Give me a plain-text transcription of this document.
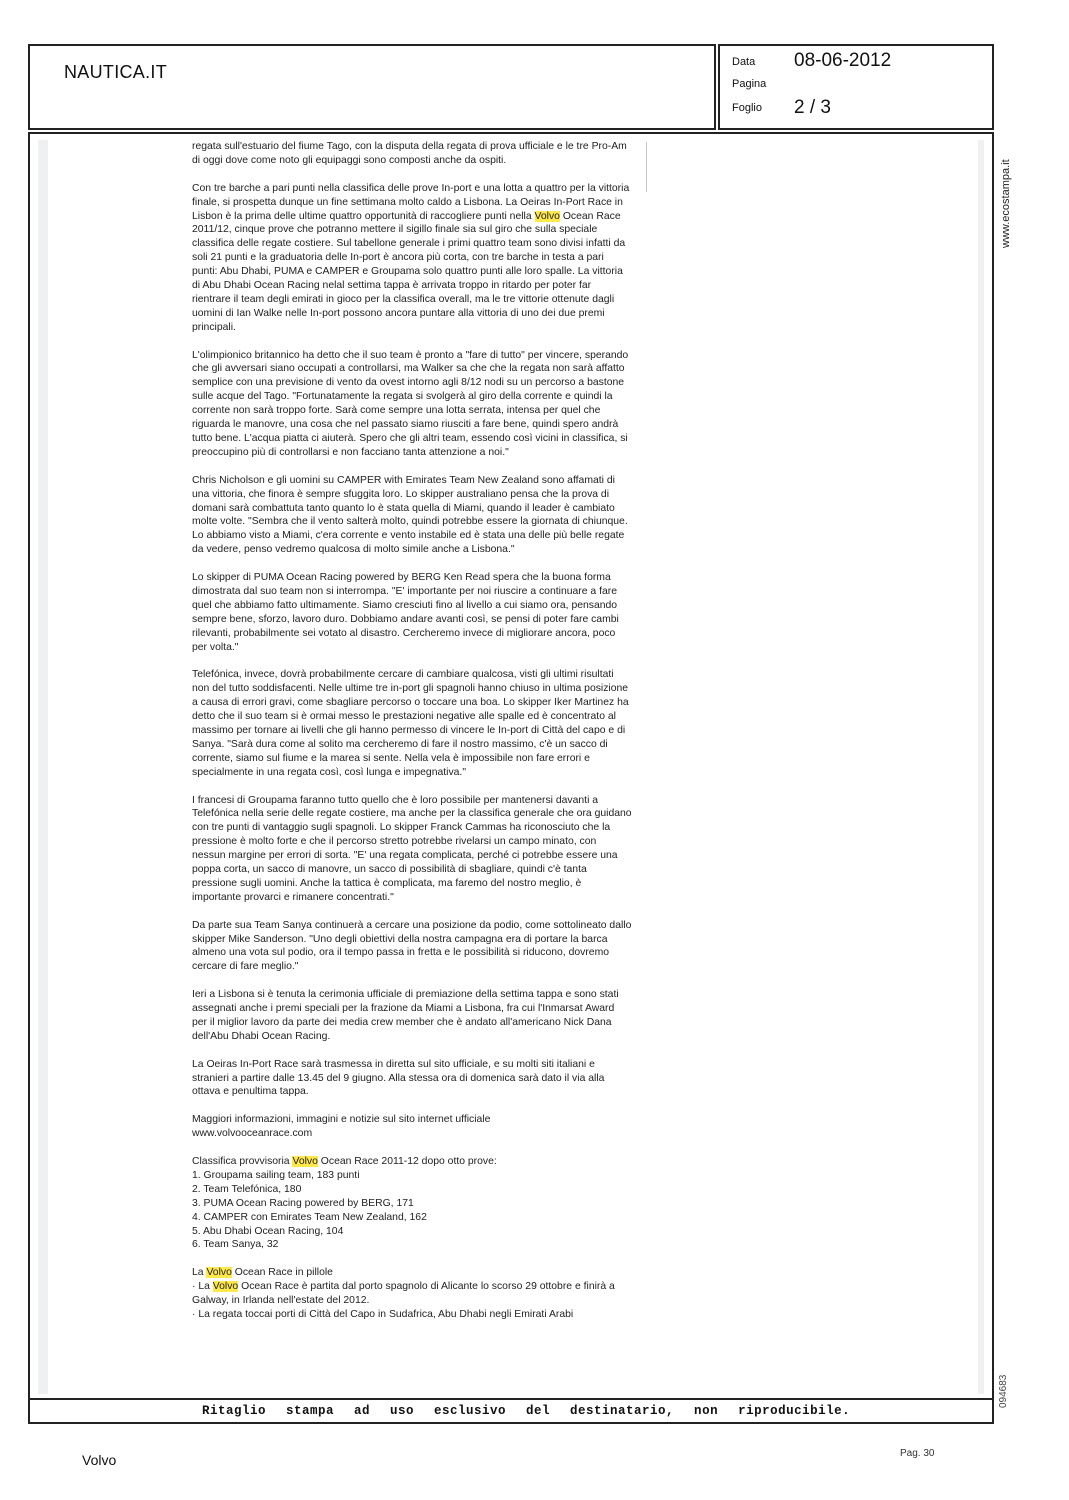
NAUTICA.IT	Data 08-06-2012
Pagina
Foglio 2 / 3

regata sull'estuario del fiume Tago, con la disputa della regata di prova ufficiale e le tre Pro-Am di oggi dove come noto gli equipaggi sono composti anche da ospiti.

Con tre barche a pari punti nella classifica delle prove In-port e una lotta a quattro per la vittoria finale, si prospetta dunque un fine settimana molto caldo a Lisbona. La Oeiras In-Port Race in Lisbon è la prima delle ultime quattro opportunità di raccogliere punti nella Volvo Ocean Race 2011/12, cinque prove che potranno mettere il sigillo finale sia sul giro che sulla speciale classifica delle regate costiere. Sul tabellone generale i primi quattro team sono divisi infatti da soli 21 punti e la graduatoria delle In-port è ancora più corta, con tre barche in testa a pari punti: Abu Dhabi, PUMA e CAMPER e Groupama solo quattro punti alle loro spalle. La vittoria di Abu Dhabi Ocean Racing nelal settima tappa è arrivata troppo in ritardo per poter far rientrare il team degli emirati in gioco per la classifica overall, ma le tre vittorie ottenute dagli uomini di Ian Walke nelle In-port possono ancora puntare alla vittoria di uno dei due premi principali.

L'olimpionico britannico ha detto che il suo team è pronto a "fare di tutto" per vincere, sperando che gli avversari siano occupati a controllarsi, ma Walker sa che che la regata non sarà affatto semplice con una previsione di vento da ovest intorno agli 8/12 nodi su un percorso a bastone sulle acque del Tago. "Fortunatamente la regata si svolgerà al giro della corrente e quindi la corrente non sarà troppo forte. Sarà come sempre una lotta serrata, intensa per quel che riguarda le manovre, una cosa che nel passato siamo riusciti a fare bene, quindi spero andrà tutto bene. L'acqua piatta ci aiuterà. Spero che gli altri team, essendo così vicini in classifica, si preoccupino più di controllarsi e non facciano tanta attenzione a noi."

Chris Nicholson e gli uomini su CAMPER with Emirates Team New Zealand sono affamati di una vittoria, che finora è sempre sfuggita loro. Lo skipper australiano pensa che la prova di domani sarà combattuta tanto quanto lo è stata quella di Miami, quando il leader è cambiato molte volte. "Sembra che il vento salterà molto, quindi potrebbe essere la giornata di chiunque. Lo abbiamo visto a Miami, c'era corrente e vento instabile ed è stata una delle più belle regate da vedere, penso vedremo qualcosa di molto simile anche a Lisbona."

Lo skipper di PUMA Ocean Racing powered by BERG Ken Read spera che la buona forma dimostrata dal suo team non si interrompa. "E' importante per noi riuscire a continuare a fare quel che abbiamo fatto ultimamente. Siamo cresciuti fino al livello a cui siamo ora, pensando sempre bene, sforzo, lavoro duro. Dobbiamo andare avanti così, se pensi di poter fare cambi rilevanti, probabilmente sei votato al disastro. Cercheremo invece di migliorare ancora, poco per volta."

Telefónica, invece, dovrà probabilmente cercare di cambiare qualcosa, visti gli ultimi risultati non del tutto soddisfacenti. Nelle ultime tre in-port gli spagnoli hanno chiuso in ultima posizione a causa di errori gravi, come sbagliare percorso o toccare una boa. Lo skipper Iker Martinez ha detto che il suo team si è ormai messo le prestazioni negative alle spalle ed è concentrato al massimo per tornare ai livelli che gli hanno permesso di vincere le In-port di Città del capo e di Sanya. "Sarà dura come al solito ma cercheremo di fare il nostro massimo, c'è un sacco di corrente, siamo sul fiume e la marea si sente. Nella vela è impossibile non fare errori e specialmente in una regata così, così lunga e impegnativa."

I francesi di Groupama faranno tutto quello che è loro possibile per mantenersi davanti a Telefónica nella serie delle regate costiere, ma anche per la classifica generale che ora guidano con tre punti di vantaggio sugli spagnoli. Lo skipper Franck Cammas ha riconosciuto che la pressione è molto forte e che il percorso stretto potrebbe rivelarsi un campo minato, con nessun margine per errori di sorta. "E' una regata complicata, perché ci potrebbe essere una poppa corta, un sacco di manovre, un sacco di possibilità di sbagliare, quindi c'è tanta pressione sugli uomini. Anche la tattica è complicata, ma faremo del nostro meglio, è importante provarci e rimanere concentrati."

Da parte sua Team Sanya continuerà a cercare una posizione da podio, come sottolineato dallo skipper Mike Sanderson. "Uno degli obiettivi della nostra campagna era di portare la barca almeno una vota sul podio, ora il tempo passa in fretta e le possibilità si riducono, dovremo cercare di fare meglio."

Ieri a Lisbona si è tenuta la cerimonia ufficiale di premiazione della settima tappa e sono stati assegnati anche i premi speciali per la frazione da Miami a Lisbona, fra cui l'Inmarsat Award per il miglior lavoro da parte dei media crew member che è andato all'americano Nick Dana dell'Abu Dhabi Ocean Racing.

La Oeiras In-Port Race sarà trasmessa in diretta sul sito ufficiale, e su molti siti italiani e stranieri a partire dalle 13.45 del 9 giugno. Alla stessa ora di domenica sarà dato il via alla ottava e penultima tappa.

Maggiori informazioni, immagini e notizie sul sito internet ufficiale
www.volvooceanrace.com

Classifica provvisoria Volvo Ocean Race 2011-12 dopo otto prove:
1. Groupama sailing team, 183 punti
2. Team Telefónica, 180
3. PUMA Ocean Racing powered by BERG, 171
4. CAMPER con Emirates Team New Zealand, 162
5. Abu Dhabi Ocean Racing, 104
6. Team Sanya, 32

La Volvo Ocean Race in pillole
· La Volvo Ocean Race è partita dal porto spagnolo di Alicante lo scorso 29 ottobre e finirà a Galway, in Irlanda nell'estate del 2012.
· La regata toccai porti di Città del Capo in Sudafrica, Abu Dhabi negli Emirati Arabi

Ritaglio stampa ad uso esclusivo del destinatario, non riproducibile.
www.ecostampa.it
094683
Volvo	Pag. 30
